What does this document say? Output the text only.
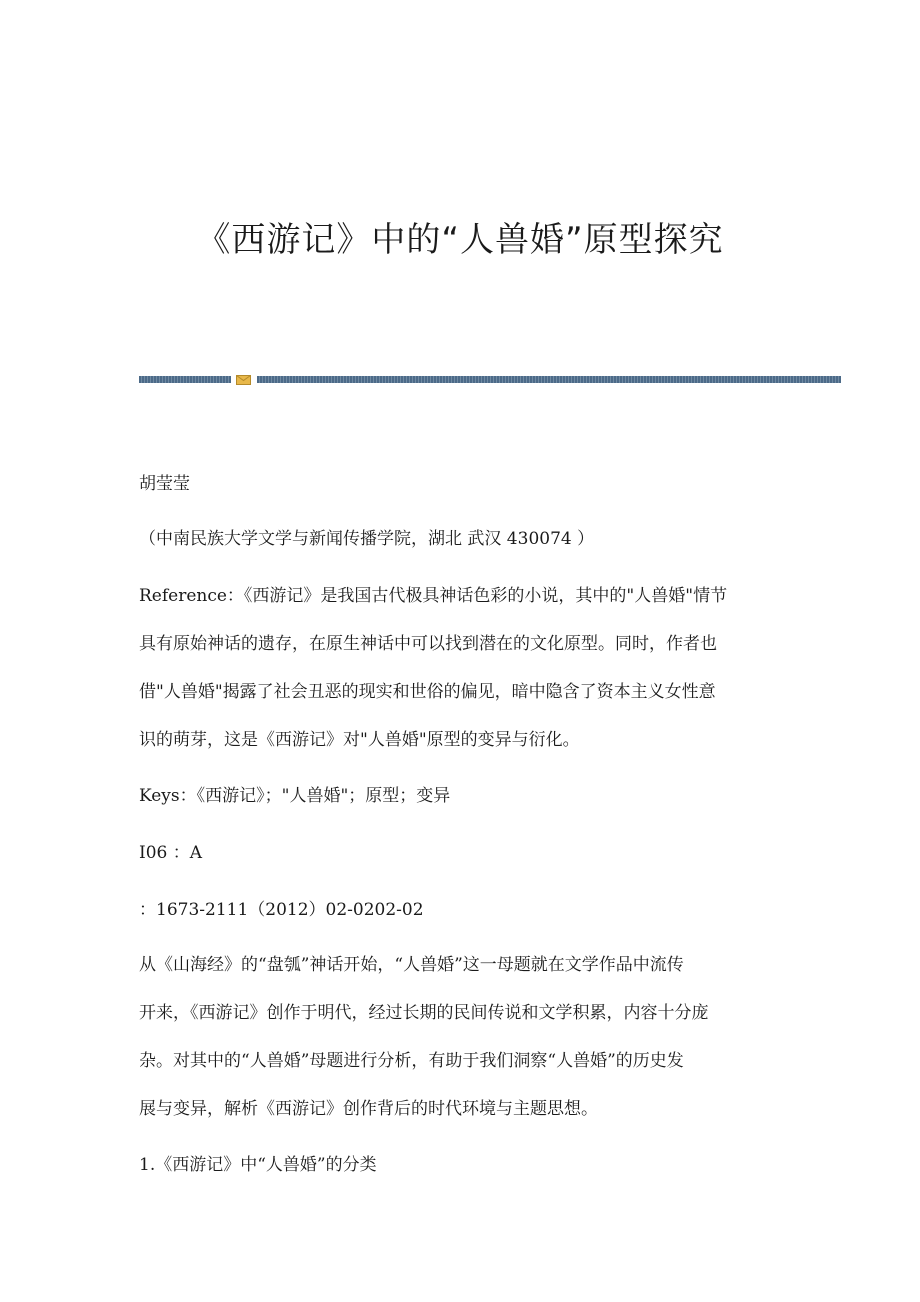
《西游记》中的“人兽婚”原型探究

胡莹莹

（中南民族大学文学与新闻传播学院，湖北 武汉 430074 ）

Reference：《西游记》是我国古代极具神话色彩的小说，其中的"人兽婚"情节
具有原始神话的遗存，在原生神话中可以找到潜在的文化原型。同时，作者也
借"人兽婚"揭露了社会丑恶的现实和世俗的偏见，暗中隐含了资本主义女性意
识的萌芽，这是《西游记》对"人兽婚"原型的变异与衍化。

Keys：《西游记》；"人兽婚"；原型；变异

I06 ：A

：1673-2111（2012）02-0202-02

从《山海经》的“盘瓠”神话开始，“人兽婚”这一母题就在文学作品中流传
开来，《西游记》创作于明代，经过长期的民间传说和文学积累，内容十分庞
杂。对其中的“人兽婚”母题进行分析，有助于我们洞察“人兽婚”的历史发
展与变异，解析《西游记》创作背后的时代环境与主题思想。

1.《西游记》中“人兽婚”的分类
